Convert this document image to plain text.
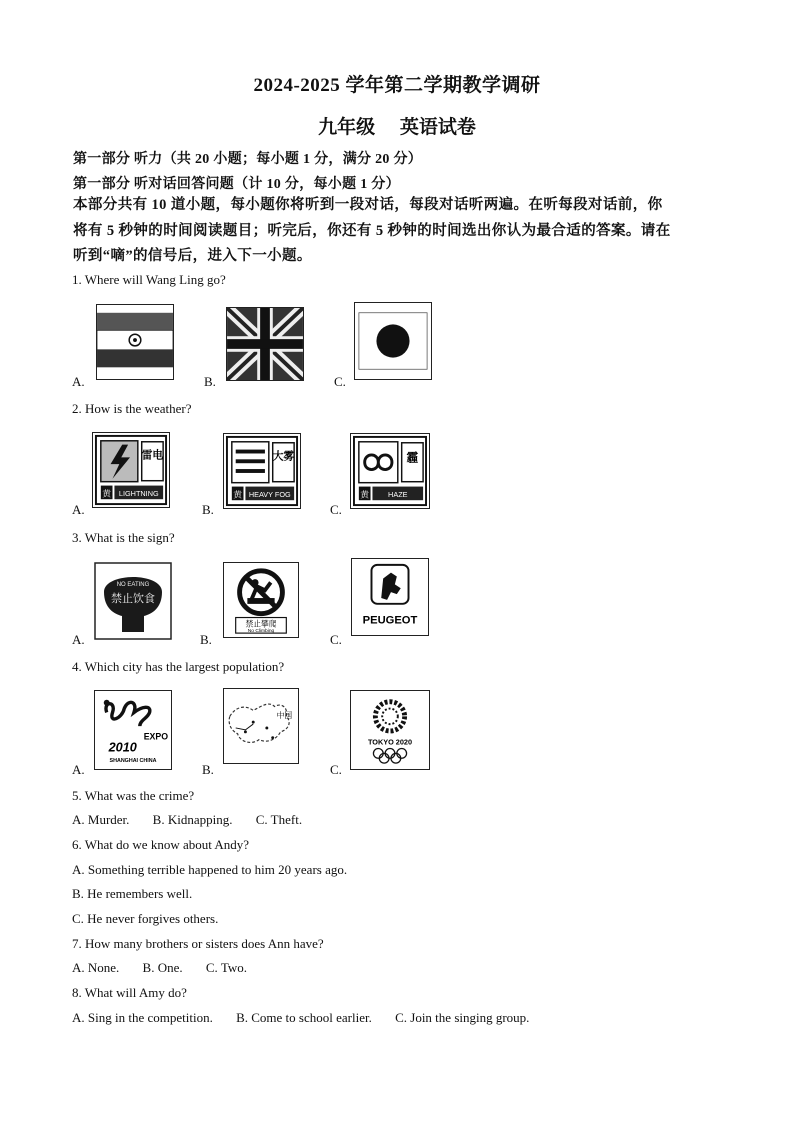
2024-2025 学年第二学期教学调研
九年级 英语试卷
第一部分 听力（共 20 小题；每小题 1 分，满分 20 分）
第一部分 听对话回答问题（计 10 分，每小题 1 分）
本部分共有 10 道小题，每小题你将听到一段对话，每段对话听两遍。在听每段对话前，你
将有 5 秒钟的时间阅读题目；听完后，你还有 5 秒钟的时间选出你认为最合适的答案。请在
听到“嘀”的信号后，进入下一小题。
1. Where will Wang Ling go?
A.	B.	C.
2. How is the weather?
A.
雷电
黄 LIGHTNING
B.
大雾
黄 HEAVY FOG
C.
霾
黄	HAZE
3. What is the sign?
A.
NO EATING
禁止饮食
B.
禁止攀爬
No Climbing
C.
PEUGEOT
4. Which city has the largest population?
A.
EXPO
2010
SHANGHAI CHINA
B.
中国
C.
TOKYO 2020
5. What was the crime?
A. Murder. B. Kidnapping. C. Theft.
6. What do we know about Andy?
A. Something terrible happened to him 20 years ago.
B. He remembers well.
C. He never forgives others.
7. How many brothers or sisters does Ann have?
A. None. B. One. C. Two.
8. What will Amy do?
A. Sing in the competition. B. Come to school earlier. C. Join the singing group.
